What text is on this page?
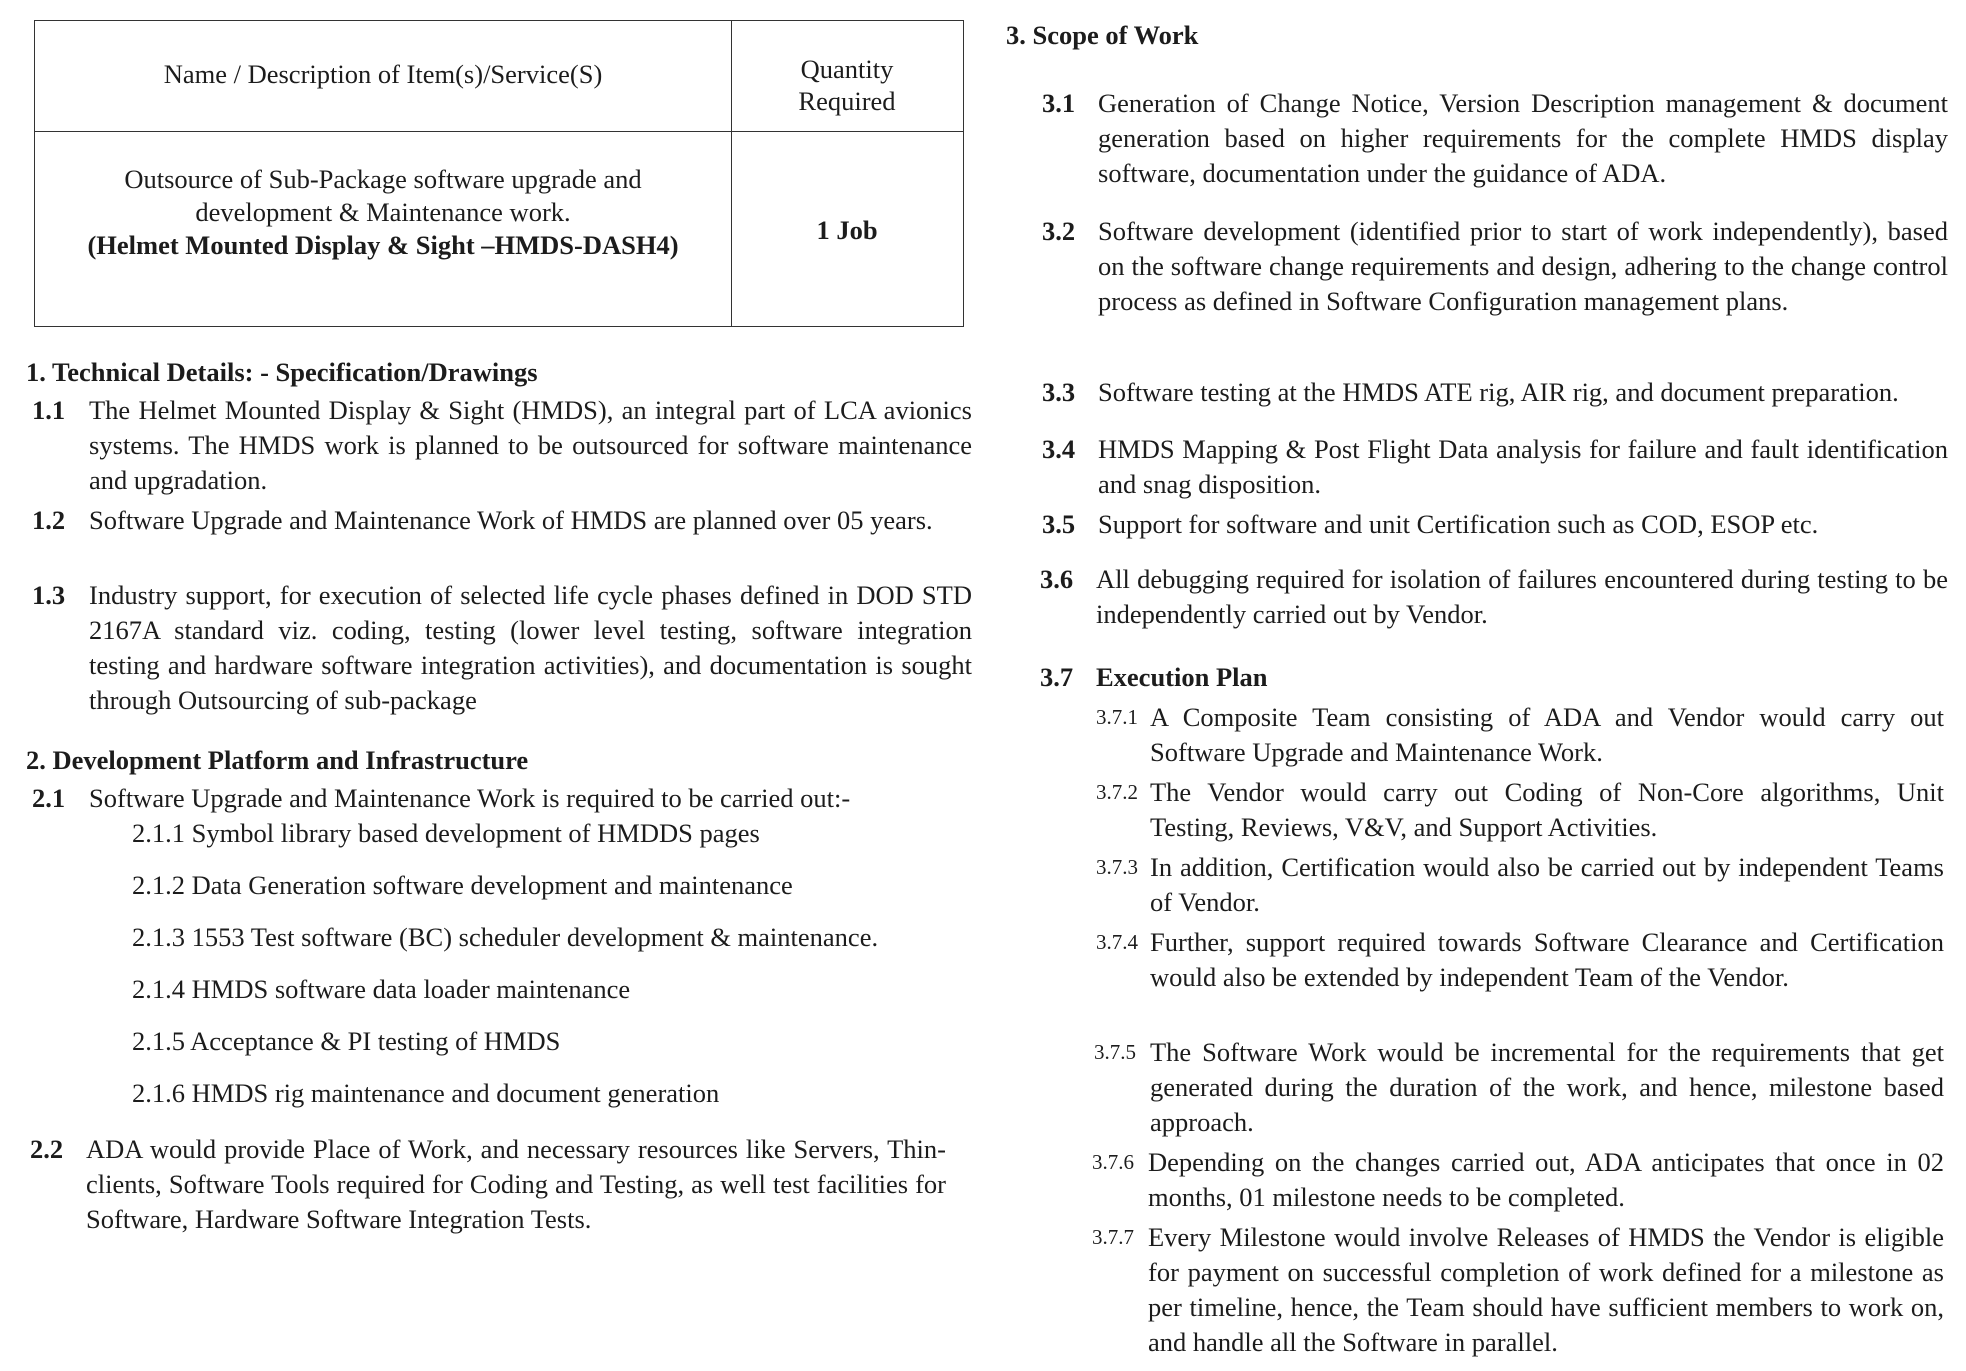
Name / Description of Item(s)/Service(S)	Quantity
Required
Outsource of Sub-Package software upgrade and
development & Maintenance work.
(Helmet Mounted Display & Sight –HMDS-DASH4)	1 Job
1. Technical Details: - Specification/Drawings
1.1 The Helmet Mounted Display & Sight (HMDS), an integral part of LCA avionics systems. The HMDS work is planned to be outsourced for software maintenance and upgradation.
1.2 Software Upgrade and Maintenance Work of HMDS are planned over 05 years.
1.3 Industry support, for execution of selected life cycle phases defined in DOD STD 2167A standard viz. coding, testing (lower level testing, software integration testing and hardware software integration activities), and documentation is sought through Outsourcing of sub-package
2. Development Platform and Infrastructure
2.1 Software Upgrade and Maintenance Work is required to be carried out:-
2.1.1 Symbol library based development of HMDDS pages
2.1.2 Data Generation software development and maintenance
2.1.3 1553 Test software (BC) scheduler development & maintenance.
2.1.4 HMDS software data loader maintenance
2.1.5 Acceptance & PI testing of HMDS
2.1.6 HMDS rig maintenance and document generation
2.2 ADA would provide Place of Work, and necessary resources like Servers, Thin-clients, Software Tools required for Coding and Testing, as well test facilities for Software, Hardware Software Integration Tests.
3. Scope of Work
3.1 Generation of Change Notice, Version Description management & document generation based on higher requirements for the complete HMDS display software, documentation under the guidance of ADA.
3.2 Software development (identified prior to start of work independently), based on the software change requirements and design, adhering to the change control process as defined in Software Configuration management plans.
3.3 Software testing at the HMDS ATE rig, AIR rig, and document preparation.
3.4 HMDS Mapping & Post Flight Data analysis for failure and fault identification and snag disposition.
3.5 Support for software and unit Certification such as COD, ESOP etc.
3.6 All debugging required for isolation of failures encountered during testing to be independently carried out by Vendor.
3.7 Execution Plan
3.7.1 A Composite Team consisting of ADA and Vendor would carry out Software Upgrade and Maintenance Work.
3.7.2 The Vendor would carry out Coding of Non-Core algorithms, Unit Testing, Reviews, V&V, and Support Activities.
3.7.3 In addition, Certification would also be carried out by independent Teams of Vendor.
3.7.4 Further, support required towards Software Clearance and Certification would also be extended by independent Team of the Vendor.
3.7.5 The Software Work would be incremental for the requirements that get generated during the duration of the work, and hence, milestone based approach.
3.7.6 Depending on the changes carried out, ADA anticipates that once in 02 months, 01 milestone needs to be completed.
3.7.7 Every Milestone would involve Releases of HMDS the Vendor is eligible for payment on successful completion of work defined for a milestone as per timeline, hence, the Team should have sufficient members to work on, and handle all the Software in parallel.
